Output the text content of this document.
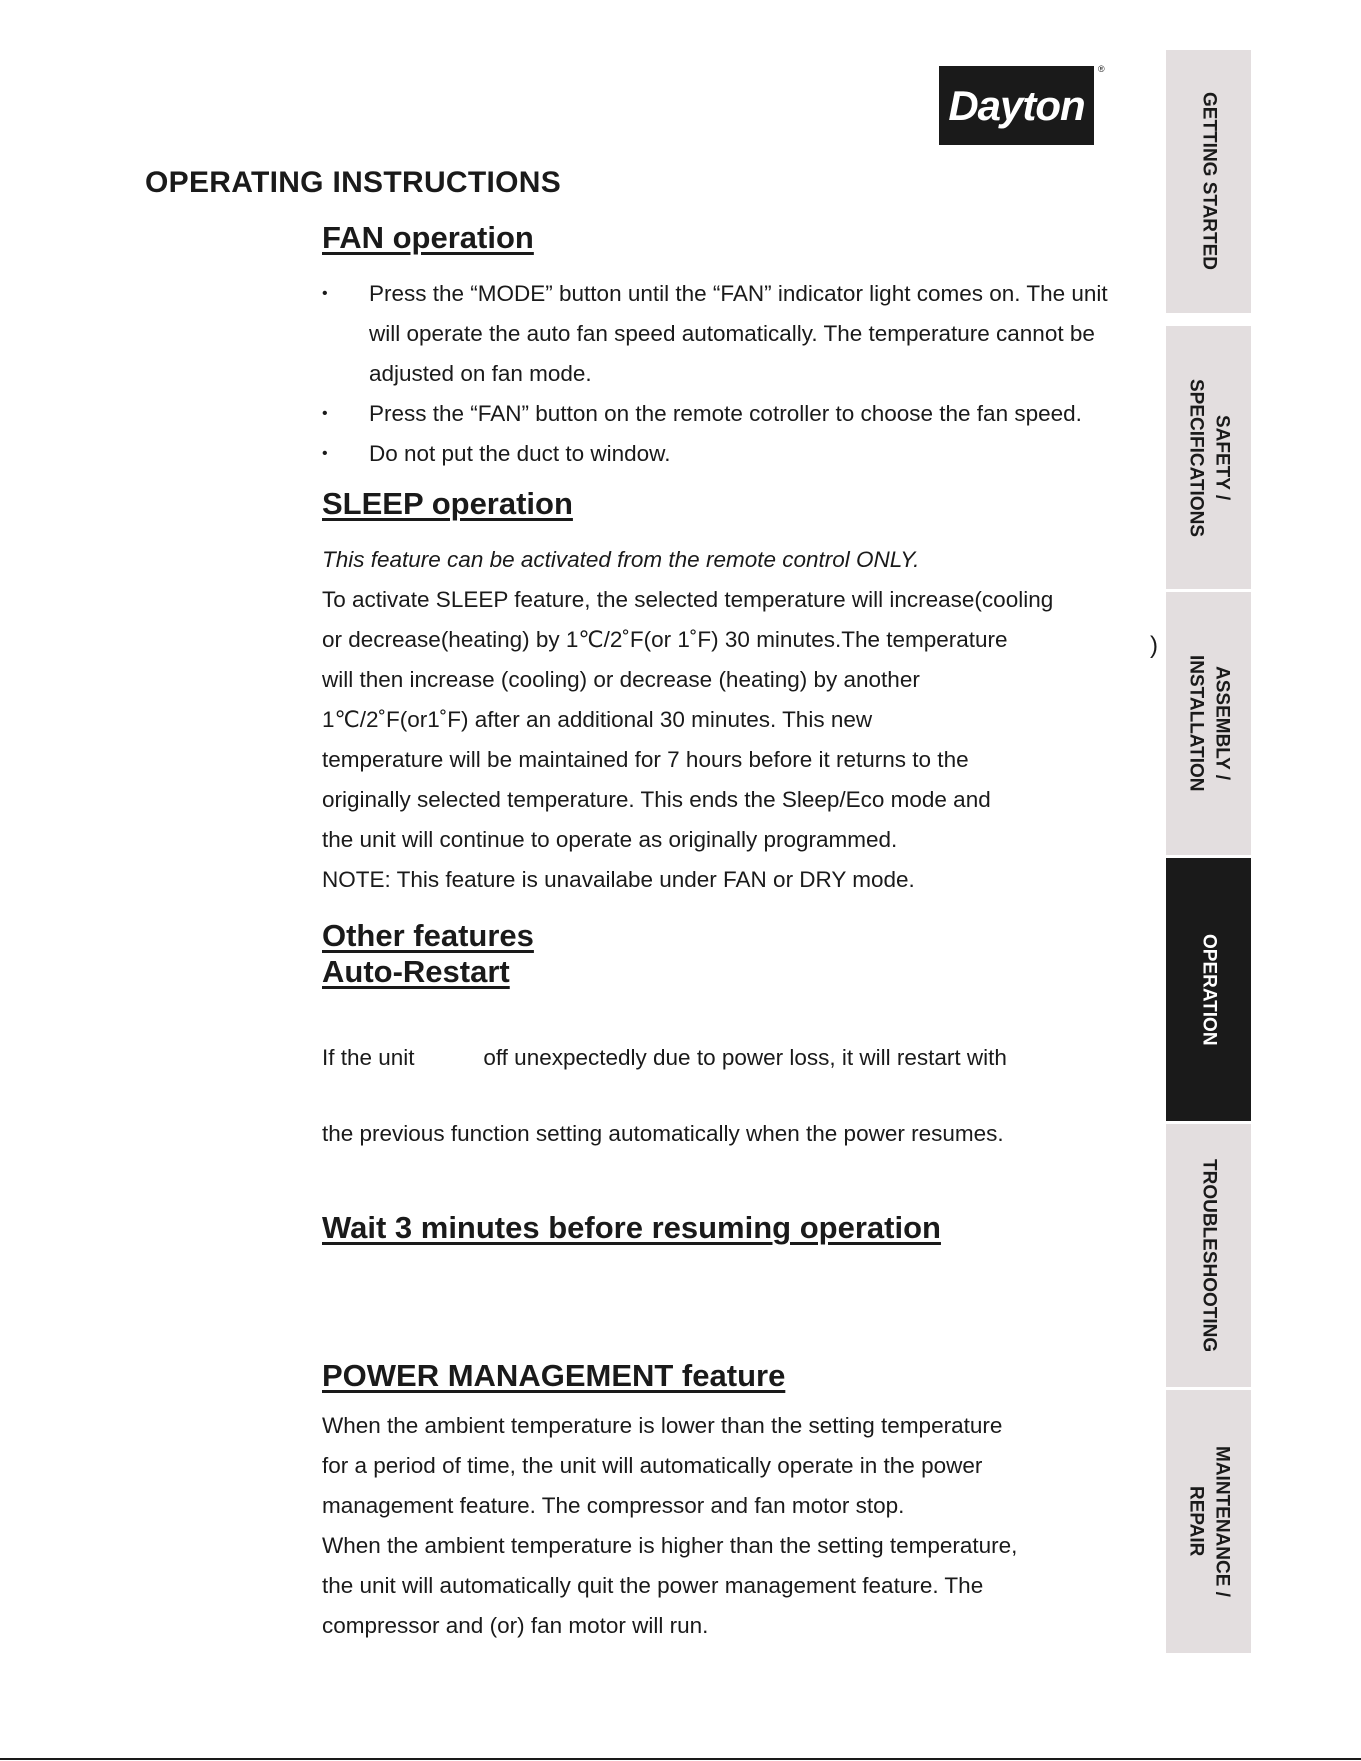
Dayton
®
OPERATING INSTRUCTIONS
FAN operation
• Press the “MODE” button until the “FAN” indicator light comes on. The unit will operate the auto fan speed automatically. The temperature cannot be adjusted on fan mode.
• Press the “FAN” button on the remote cotroller to choose the fan speed.
• Do not put the duct to window.
SLEEP operation

This feature can be activated from the remote control ONLY.

To activate SLEEP feature, the selected temperature will increase(cooling

or decrease(heating) by 1℃/2˚F(or 1˚F) 30 minutes.The temperature

will then increase (cooling) or decrease (heating) by another

1℃/2˚F(or1˚F) after an additional 30 minutes. This new

temperature will be maintained for 7 hours before it returns to the

originally selected temperature. This ends the Sleep/Eco mode and

the unit will continue to operate as originally programmed.

NOTE: This feature is unavailabe under FAN or DRY mode.

Other features
Auto-Restart

If the unit           off unexpectedly due to power loss, it will restart with

the previous function setting automatically when the power resumes.

Wait 3 minutes before resuming operation
POWER MANAGEMENT feature

When the ambient temperature is lower than the setting temperature

for a period of time, the unit will automatically operate in the power

management feature. The compressor and fan motor stop.

When the ambient temperature is higher than the setting temperature,

the unit will automatically quit the power management feature. The

compressor and (or) fan motor will run.

)
GETTING STARTED
SAFETY /
SPECIFICATIONS
ASSEMBLY /
INSTALLATION
OPERATION
TROUBLESHOOTING
MAINTENANCE /
REPAIR
